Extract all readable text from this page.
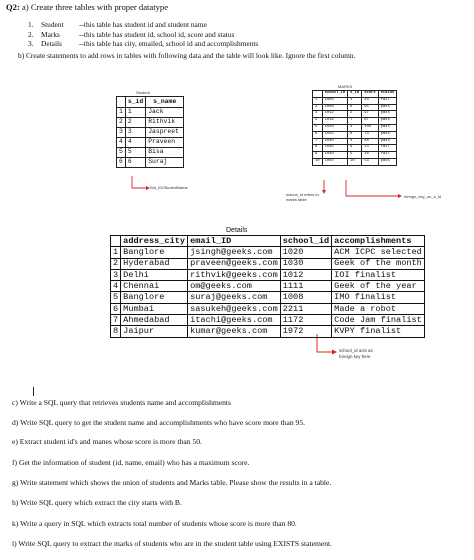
Q2: a) Create three tables with proper datatype
1. Student --this table has student id and student name
2. Marks	--this table has student id, school id, score and status
3. Details --this table has city, emailed, school id and accomplishments
b) Create statements to add rows in tables with following data and the table will look like. Ignore the first column.
Student
	s_id	s_name
1	1	Jack
2	2	Rithvik
3	3	Jaspreet
4	4	Praveen
5	5	Bisa
6	6	Suraj
Std_ID/StudentName
MARKS
	school_id	s_id	score	status
1	1004	1	23	fail
2	1008	6	95	pass
3	1012	2	97	pass
4	1016	7	67	pass
5	1020	3	100	pass
6	1025	8	73	pass
7	1030	4	88	pass
8	1035	9	13	fail
9	1040	5	16	fail
10	1050	10	53	pass
school_id refers to marks table
foreign_key_on_s_id
Details
	address_city	email_ID	school_id	accomplishments
1	Banglore	jsingh@geeks.com	1020	ACM ICPC selected
2	Hyderabad	praveen@geeks.com	1030	Geek of the month
3	Delhi	rithvik@geeks.com	1012	IOI finalist
4	Chennai	om@geeks.com	1111	Geek of the year
5	Banglore	suraj@geeks.com	1008	IMO finalist
6	Mumbai	sasukeh@geeks.com	2211	Made a robot
7	Ahmedabad	itachi@geeks.com	1172	Code Jam finalist
8	Jaipur	kumar@geeks.com	1972	KVPY finalist
school_id acts as foreign key here
c) Write a SQL query that retrieves students name and accomplishments
d) Write SQL query to get the student name and accomplishments who have score more than 95.
e) Extract student id's and manes whose score is more than 50.
f) Get the information of student (id, name, email) who has a maximum score.
g) Write statement which shows the union of students and Marks table. Please show the results in a table.
h) Write SQL query which extract the city starts with B.
k) Write a query in SQL which extracts total number of students whose score is more than 80.
l) Write SQL query to extract the marks of students who are in the student table using EXISTS statement.
